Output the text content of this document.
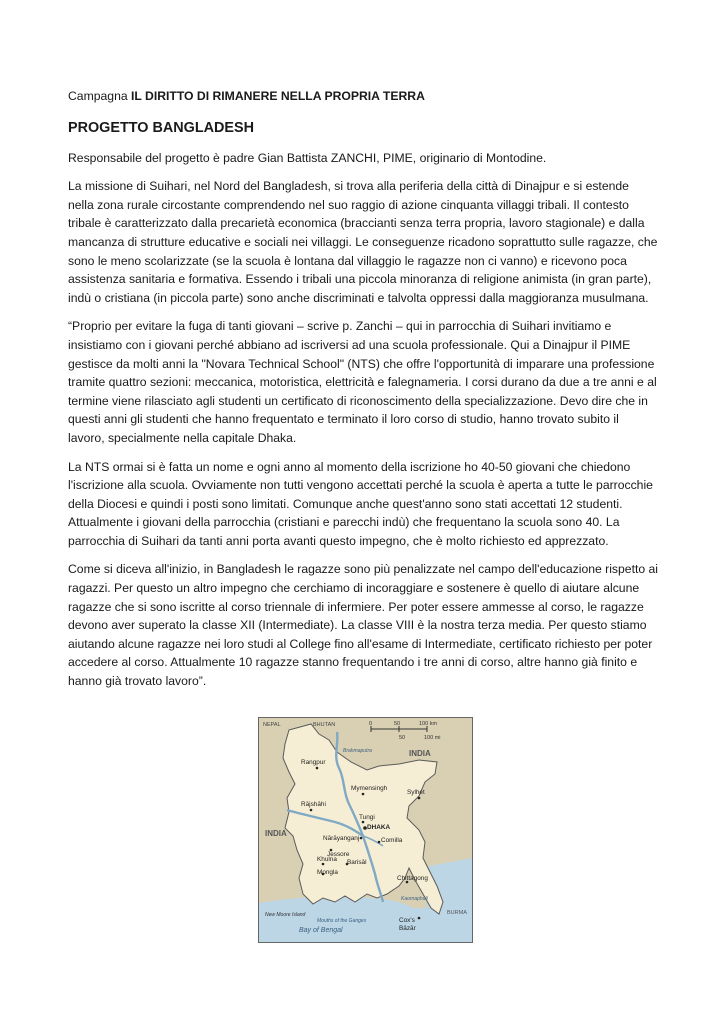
Campagna IL DIRITTO DI RIMANERE NELLA PROPRIA TERRA

PROGETTO BANGLADESH

Responsabile del progetto è padre Gian Battista ZANCHI, PIME, originario di Montodine.

La missione di Suihari, nel Nord del Bangladesh, si trova alla periferia della città di Dinajpur e si estende nella zona rurale circostante comprendendo nel suo raggio di azione cinquanta villaggi tribali. Il contesto tribale è caratterizzato dalla precarietà economica (braccianti senza terra propria, lavoro stagionale) e dalla mancanza di strutture educative e sociali nei villaggi. Le conseguenze ricadono soprattutto sulle ragazze, che sono le meno scolarizzate (se la scuola è lontana dal villaggio le ragazze non ci vanno) e ricevono poca assistenza sanitaria e formativa. Essendo i tribali una piccola minoranza di religione animista (in gran parte), indù o cristiana (in piccola parte) sono anche discriminati e talvolta oppressi dalla maggioranza musulmana.

“Proprio per evitare la fuga di tanti giovani – scrive p. Zanchi – qui in parrocchia di Suihari invitiamo e insistiamo con i giovani perché abbiano ad iscriversi ad una scuola professionale. Qui a Dinajpur il PIME gestisce da molti anni la "Novara Technical School" (NTS) che offre l'opportunità di imparare una professione tramite quattro sezioni: meccanica, motoristica, elettricità e falegnameria. I corsi durano da due a tre anni e al termine viene rilasciato agli studenti un certificato di riconoscimento della specializzazione. Devo dire che in questi anni gli studenti che hanno frequentato e terminato il loro corso di studio, hanno trovato subito il lavoro, specialmente nella capitale Dhaka.

La NTS ormai si è fatta un nome e ogni anno al momento della iscrizione ho 40-50 giovani che chiedono l'iscrizione alla scuola. Ovviamente non tutti vengono accettati perché la scuola è aperta a tutte le parrocchie della Diocesi e quindi i posti sono limitati. Comunque anche quest'anno sono stati accettati 12 studenti. Attualmente i giovani della parrocchia (cristiani e parecchi indù) che frequentano la scuola sono 40. La parrocchia di Suihari da tanti anni porta avanti questo impegno, che è molto richiesto ed apprezzato.

Come si diceva all'inizio, in Bangladesh le ragazze sono più penalizzate nel campo dell'educazione rispetto ai ragazzi. Per questo un altro impegno che cerchiamo di incoraggiare e sostenere è quello di aiutare alcune ragazze che si sono iscritte al corso triennale di infermiere. Per poter essere ammesse al corso, le ragazze devono aver superato la classe XII (Intermediate). La classe VIII è la nostra terza media. Per questo stiamo aiutando alcune ragazze nei loro studi al College fino all'esame di Intermediate, certificato richiesto per poter accedere al corso. Attualmente 10 ragazze stanno frequentando i tre anni di corso, altre hanno già finito e hanno già trovato lavoro”.

0	50	100 km
50	100 mi
NEPAL	BHUTAN
INDIA
INDIA
BURMA
Bay of Bengal
Mouths of the Ganges
Brahmaputra
New Moore Island
Kaornaphuli
Rangpur
Sylhet
Mymensingh
Rājshāhi
Tungi
DHAKA
Comilla
Nārāyanganj
Jessore
Khulna Barisāl
Mongla
Chittagong
Cox's
Bāzār
